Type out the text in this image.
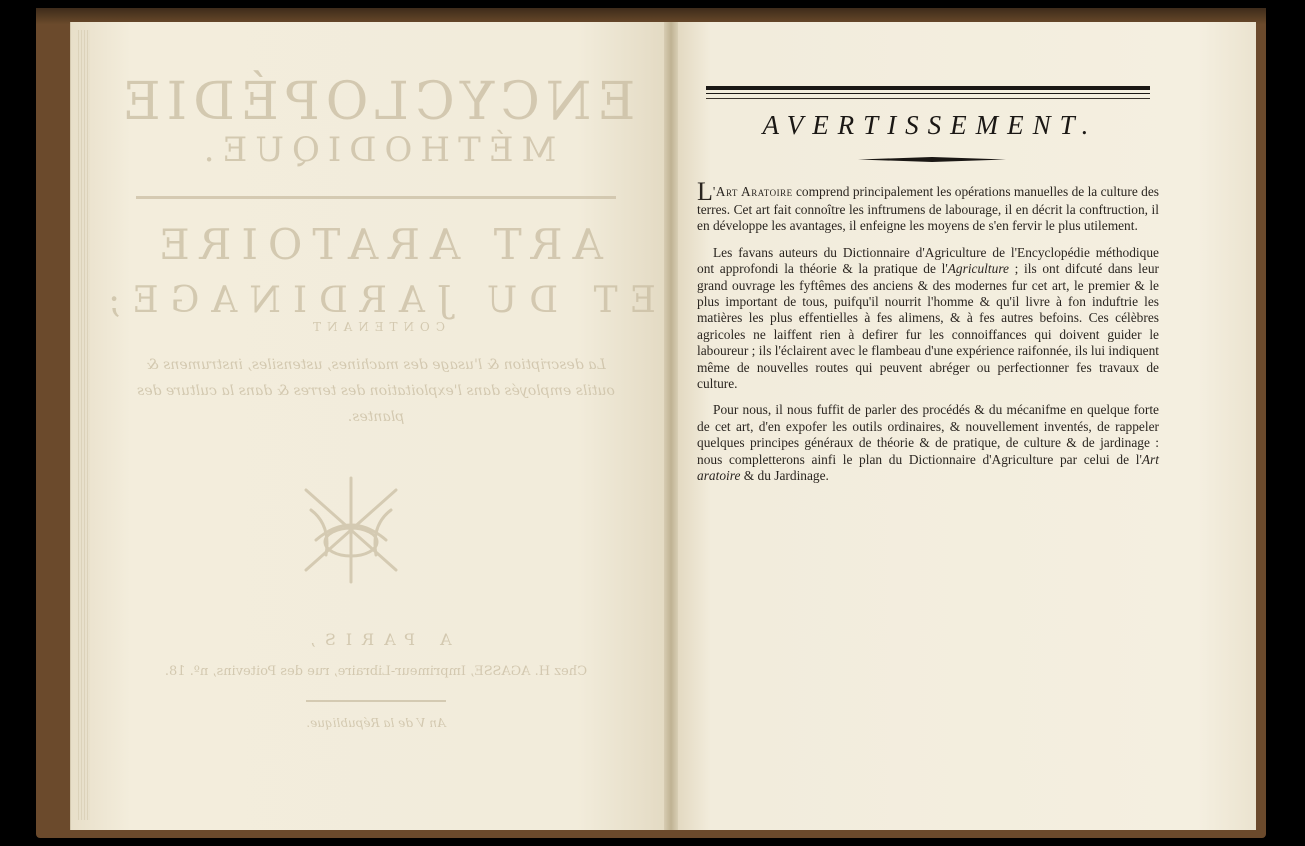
ENCYCLOPÉDIE
MÉTHODIQUE.
ART ARATOIRE
ET DU JARDINAGE;
CONTENANT
La description & l'usage des machines, ustensiles, instrumens & outils employés dans l'exploitation des terres & dans la culture des plantes.
A PARIS,
Chez H. AGASSE, Imprimeur-Libraire, rue des Poitevins, nº. 18.
An V de la République.
AVERTISSEMENT.

L'Art Aratoire comprend principalement les opérations manuelles de la culture des terres. Cet art fait connoître les inftrumens de labourage, il en décrit la conftruction, il en développe les avantages, il enfeigne les moyens de s'en fervir le plus utilement.

Les favans auteurs du Dictionnaire d'Agriculture de l'Encyclopédie méthodique ont approfondi la théorie & la pratique de l'Agriculture ; ils ont difcuté dans leur grand ouvrage les fyftêmes des anciens & des modernes fur cet art, le premier & le plus important de tous, puifqu'il nourrit l'homme & qu'il livre à fon induftrie les matières les plus effentielles à fes alimens, & à fes autres befoins. Ces célèbres agricoles ne laiffent rien à defirer fur les connoiffances qui doivent guider le laboureur ; ils l'éclairent avec le flambeau d'une expérience raifonnée, ils lui indiquent même de nouvelles routes qui peuvent abréger ou perfectionner fes travaux de culture.

Pour nous, il nous fuffit de parler des procédés & du mécanifme en quelque forte de cet art, d'en expofer les outils ordinaires, & nouvellement inventés, de rappeler quelques principes généraux de théorie & de pratique, de culture & de jardinage : nous completterons ainfi le plan du Dictionnaire d'Agriculture par celui de l'Art aratoire & du Jardinage.
